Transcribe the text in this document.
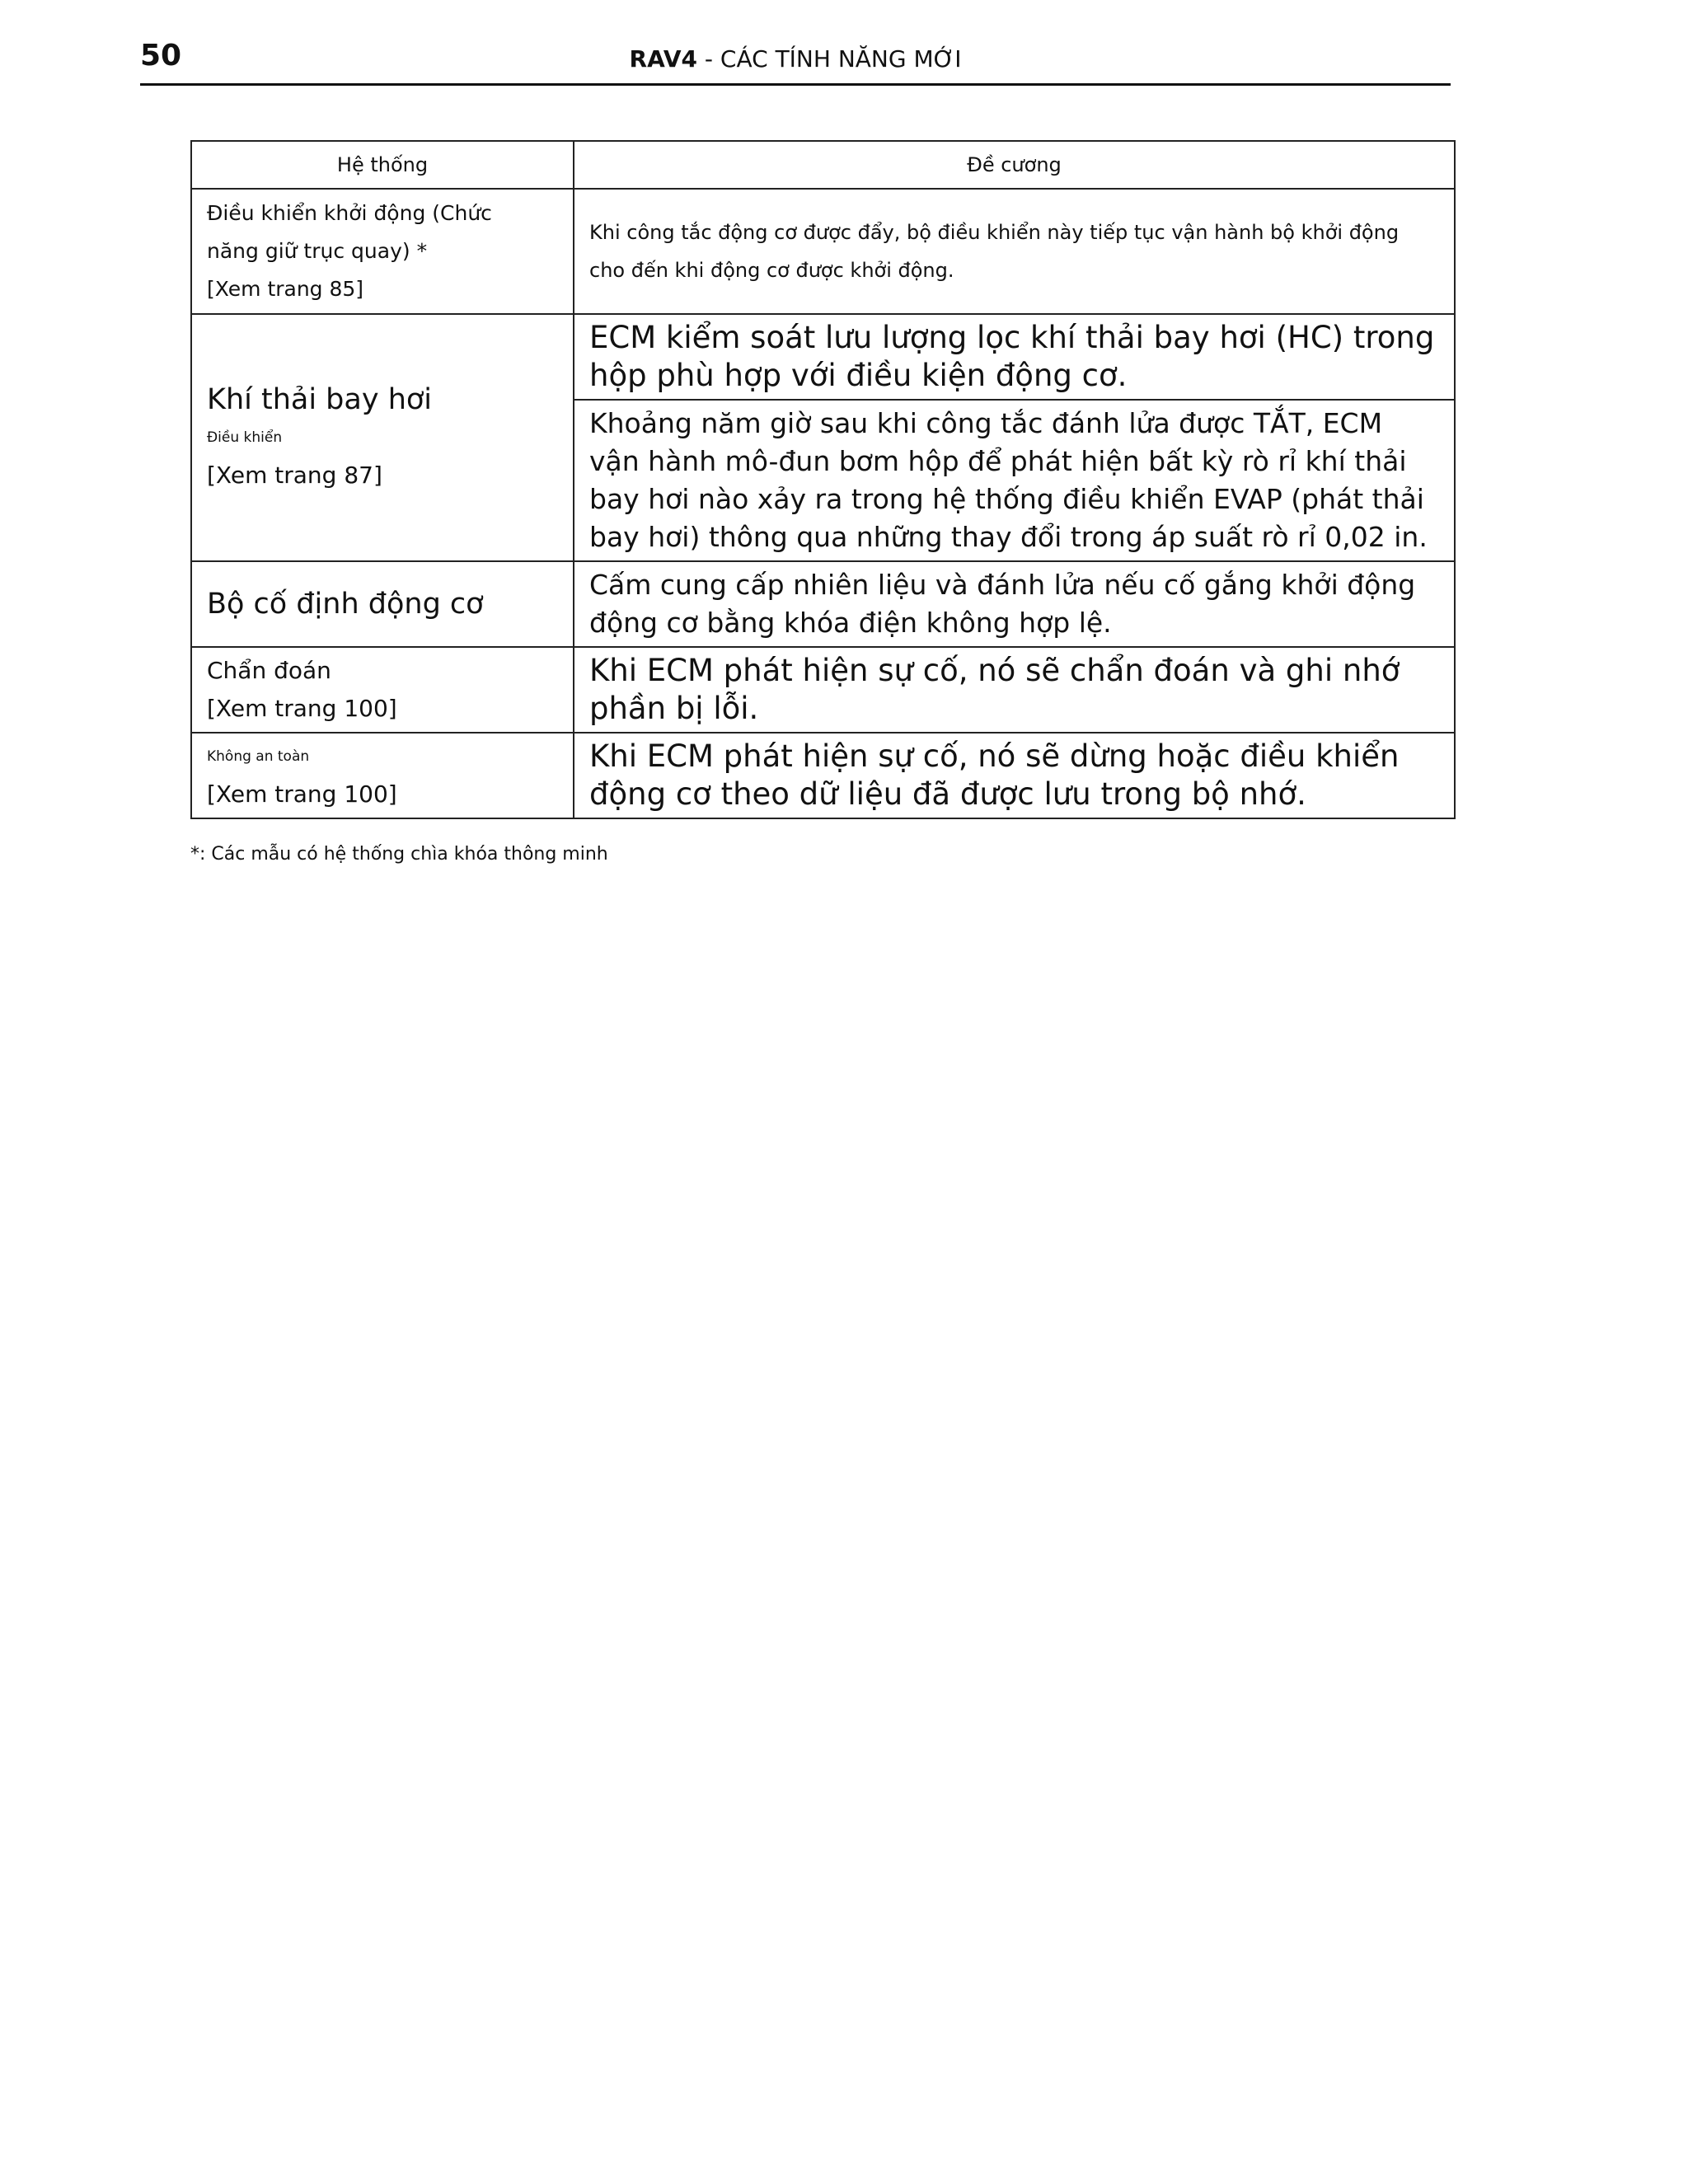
50	RAV4 - CÁC TÍNH NĂNG MỚI
Hệ thống	Đề cương

Điều khiển khởi động (Chức
năng giữ trục quay) *
[Xem trang 85]	Khi công tắc động cơ được đẩy, bộ điều khiển này tiếp tục vận hành bộ khởi động cho đến khi động cơ được khởi động.

Khí thải bay hơi
Điều khiển
[Xem trang 87]	ECM kiểm soát lưu lượng lọc khí thải bay hơi (HC) trong hộp phù hợp với điều kiện động cơ.
	Khoảng năm giờ sau khi công tắc đánh lửa được TẮT, ECM vận hành mô-đun bơm hộp để phát hiện bất kỳ rò rỉ khí thải bay hơi nào xảy ra trong hệ thống điều khiển EVAP (phát thải bay hơi) thông qua những thay đổi trong áp suất rò rỉ 0,02 in.

Bộ cố định động cơ	Cấm cung cấp nhiên liệu và đánh lửa nếu cố gắng khởi động động cơ bằng khóa điện không hợp lệ.

Chẩn đoán
[Xem trang 100]	Khi ECM phát hiện sự cố, nó sẽ chẩn đoán và ghi nhớ phần bị lỗi.

Không an toàn
[Xem trang 100]	Khi ECM phát hiện sự cố, nó sẽ dừng hoặc điều khiển động cơ theo dữ liệu đã được lưu trong bộ nhớ.
*: Các mẫu có hệ thống chìa khóa thông minh
